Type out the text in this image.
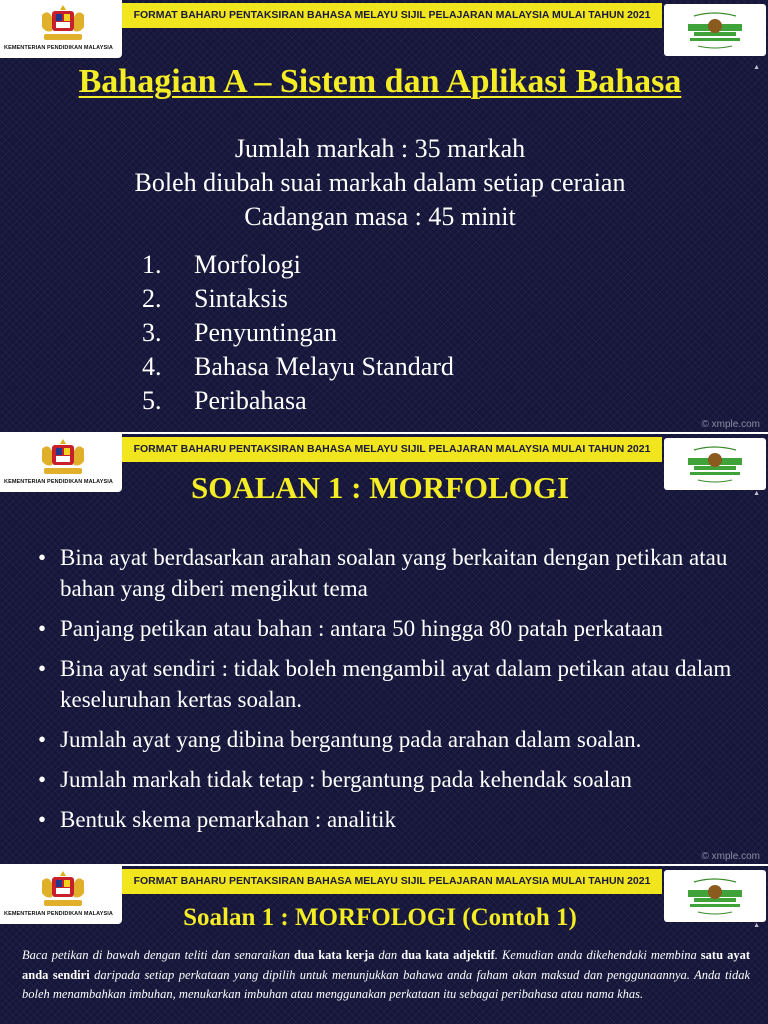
KEMENTERIAN PENDIDIKAN MALAYSIA
FORMAT BAHARU PENTAKSIRAN BAHASA MELAYU SIJIL PELAJARAN MALAYSIA MULAI TAHUN 2021
▲
Bahagian A – Sistem dan Aplikasi Bahasa
Jumlah markah : 35 markah
Boleh diubah suai markah dalam setiap ceraian
Cadangan masa : 45 minit
1. Morfologi
2. Sintaksis
3. Penyuntingan
4. Bahasa Melayu Standard
5. Peribahasa
© xmple.com
KEMENTERIAN PENDIDIKAN MALAYSIA
FORMAT BAHARU PENTAKSIRAN BAHASA MELAYU SIJIL PELAJARAN MALAYSIA MULAI TAHUN 2021
▲
SOALAN 1 : MORFOLOGI
• Bina ayat berdasarkan arahan soalan yang berkaitan dengan petikan atau bahan yang diberi mengikut tema
• Panjang petikan atau bahan : antara 50 hingga 80 patah perkataan
• Bina ayat sendiri : tidak boleh mengambil ayat dalam petikan atau dalam keseluruhan kertas soalan.
• Jumlah ayat yang dibina bergantung pada arahan dalam soalan.
• Jumlah markah tidak tetap : bergantung pada kehendak soalan
• Bentuk skema pemarkahan : analitik
© xmple.com
KEMENTERIAN PENDIDIKAN MALAYSIA
FORMAT BAHARU PENTAKSIRAN BAHASA MELAYU SIJIL PELAJARAN MALAYSIA MULAI TAHUN 2021
▲
Soalan 1 : MORFOLOGI (Contoh 1)

Baca petikan di bawah dengan teliti dan senaraikan dua kata kerja dan dua kata adjektif. Kemudian anda dikehendaki membina satu ayat anda sendiri daripada setiap perkataan yang dipilih untuk menunjukkan bahawa anda faham akan maksud dan penggunaannya. Anda tidak boleh menambahkan imbuhan, menukarkan imbuhan atau menggunakan perkataan itu sebagai peribahasa atau nama khas.
